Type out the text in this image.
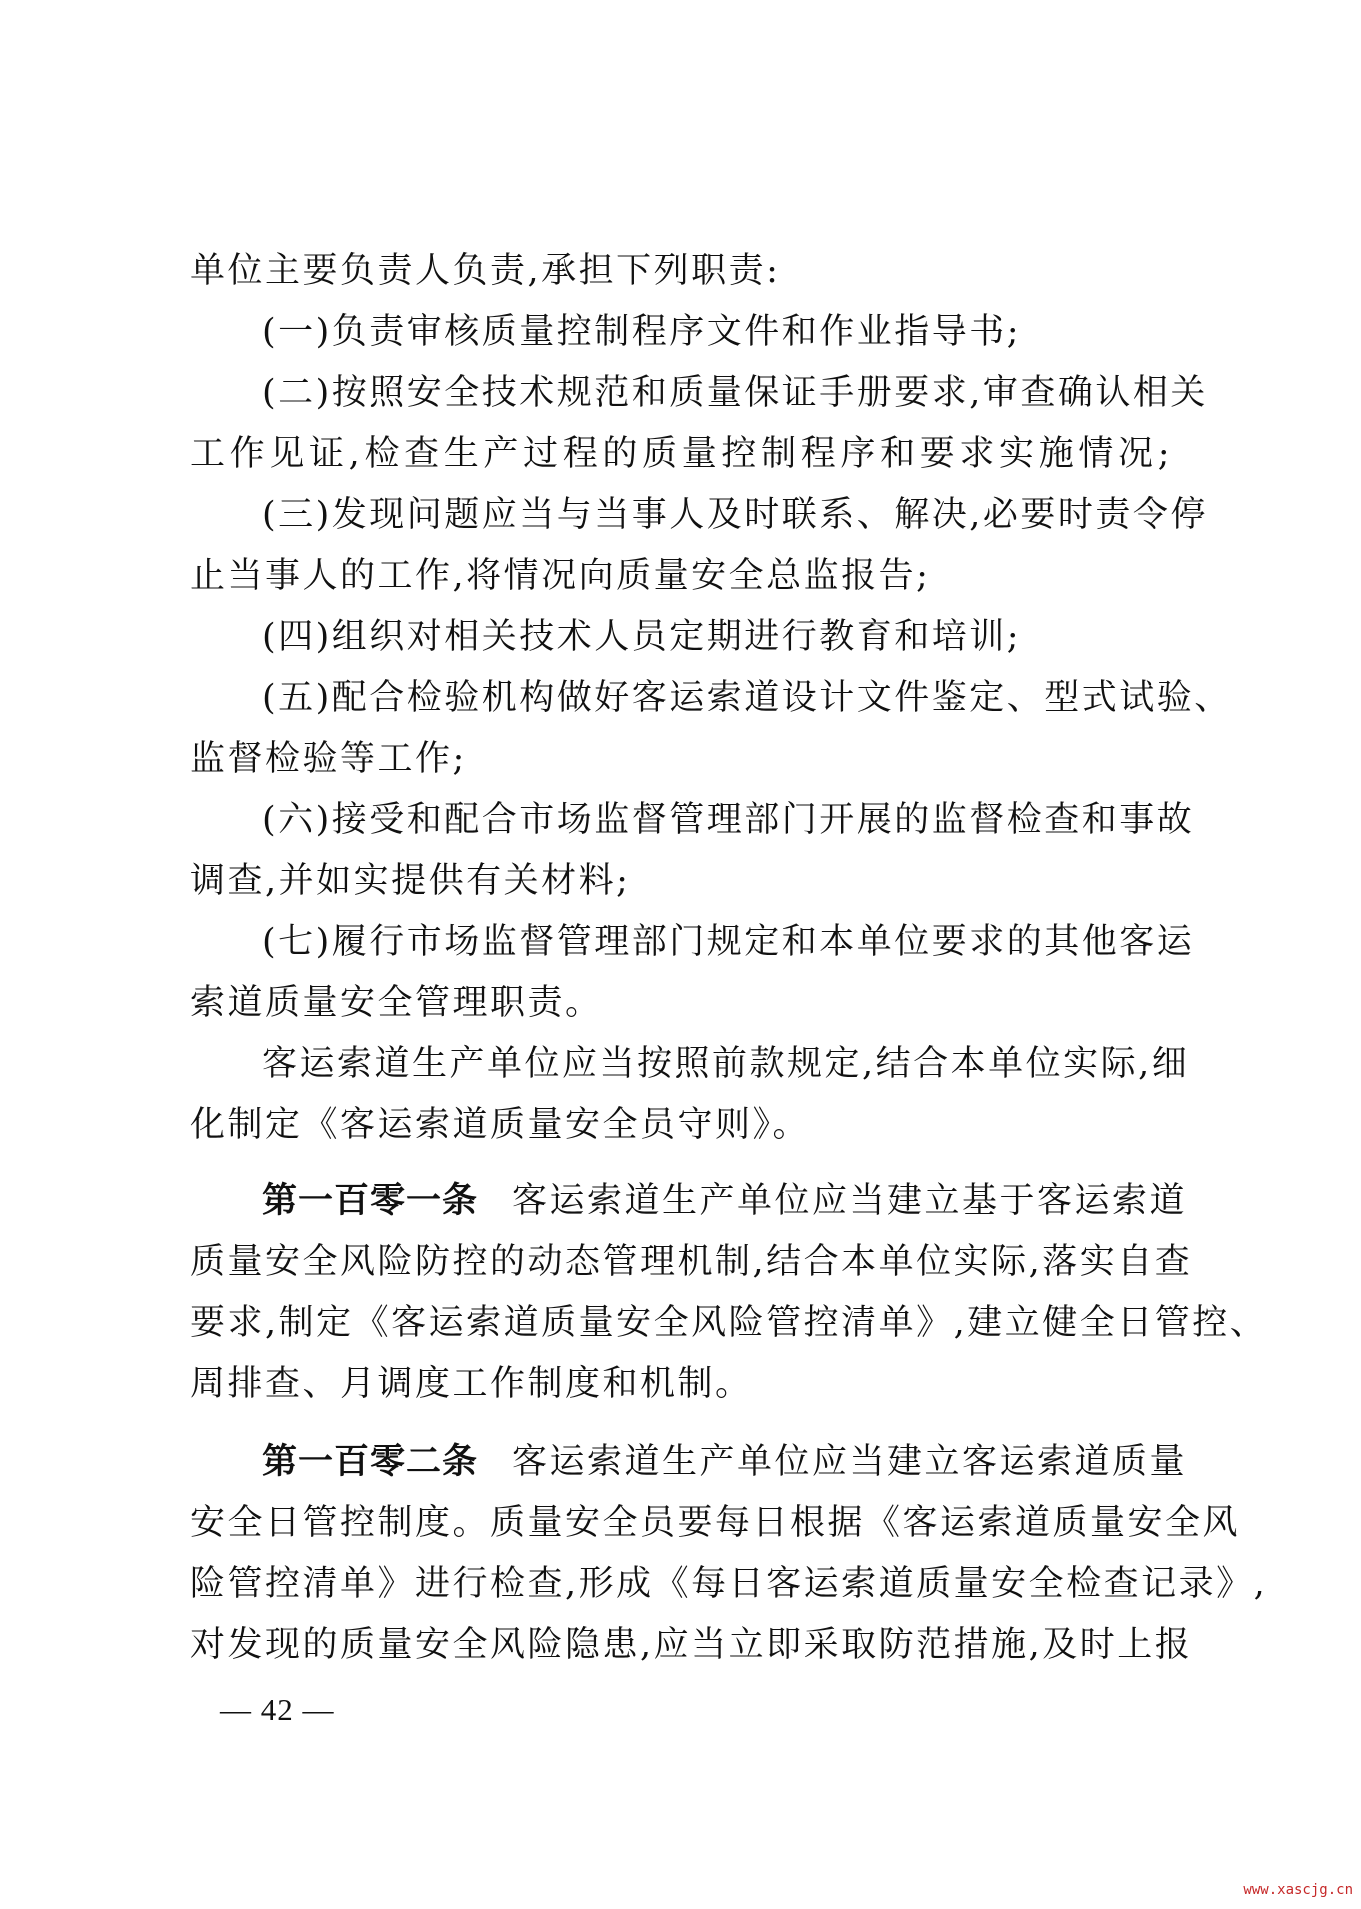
单位主要负责人负责,承担下列职责:
(一)负责审核质量控制程序文件和作业指导书;
(二)按照安全技术规范和质量保证手册要求,审查确认相关
工作见证,检查生产过程的质量控制程序和要求实施情况;
(三)发现问题应当与当事人及时联系、解决,必要时责令停
止当事人的工作,将情况向质量安全总监报告;
(四)组织对相关技术人员定期进行教育和培训;
(五)配合检验机构做好客运索道设计文件鉴定、型式试验、
监督检验等工作;
(六)接受和配合市场监督管理部门开展的监督检查和事故
调查,并如实提供有关材料;
(七)履行市场监督管理部门规定和本单位要求的其他客运
索道质量安全管理职责。
客运索道生产单位应当按照前款规定,结合本单位实际,细
化制定《客运索道质量安全员守则》。
第一百零一条 客运索道生产单位应当建立基于客运索道
质量安全风险防控的动态管理机制,结合本单位实际,落实自查
要求,制定《客运索道质量安全风险管控清单》,建立健全日管控、
周排查、月调度工作制度和机制。
第一百零二条 客运索道生产单位应当建立客运索道质量
安全日管控制度。质量安全员要每日根据《客运索道质量安全风
险管控清单》进行检查,形成《每日客运索道质量安全检查记录》,
对发现的质量安全风险隐患,应当立即采取防范措施,及时上报
— 42 —
www.xascjg.cn
